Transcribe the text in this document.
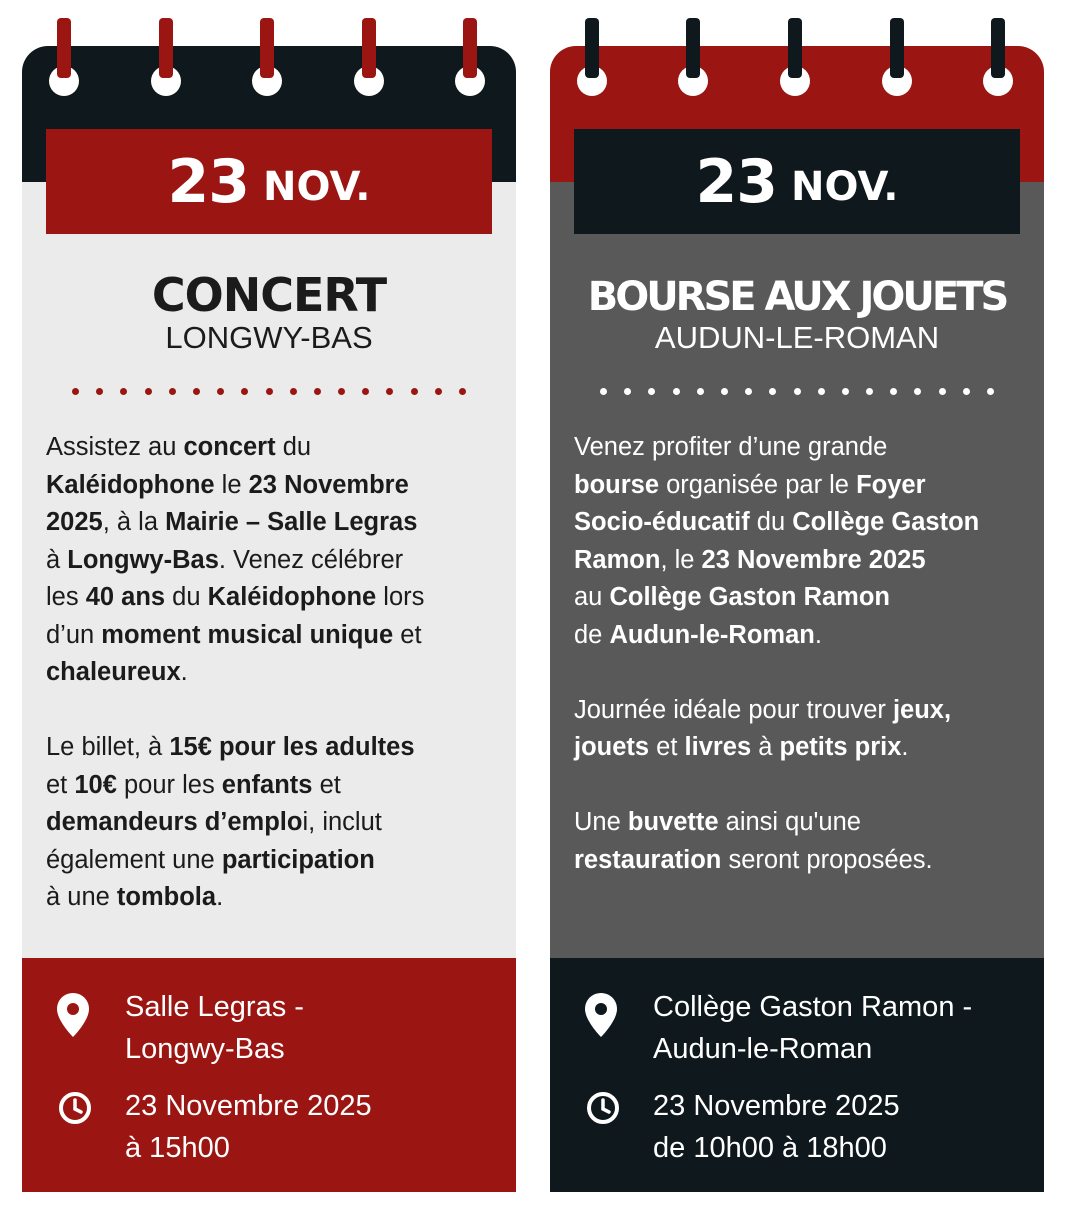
23 NOV.
CONCERT
LONGWY-BAS
Assistez au concert du
Kaléidophone le 23 Novembre
2025, à la Mairie – Salle Legras
à Longwy-Bas. Venez célébrer
les 40 ans du Kaléidophone lors
d’un moment musical unique et
chaleureux.
Le billet, à 15€ pour les adultes
et 10€ pour les enfants et
demandeurs d’emploi, inclut
également une participation
à une tombola.
Salle Legras -
Longwy-Bas
23 Novembre 2025
à 15h00
23 NOV.
BOURSE AUX JOUETS
AUDUN-LE-ROMAN
Venez profiter d’une grande
bourse organisée par le Foyer
Socio-éducatif du Collège Gaston
Ramon, le 23 Novembre 2025
au Collège Gaston Ramon
de Audun-le-Roman.
Journée idéale pour trouver jeux,
jouets et livres à petits prix.
Une buvette ainsi qu'une
restauration seront proposées.
Collège Gaston Ramon -
Audun-le-Roman
23 Novembre 2025
de 10h00 à 18h00
